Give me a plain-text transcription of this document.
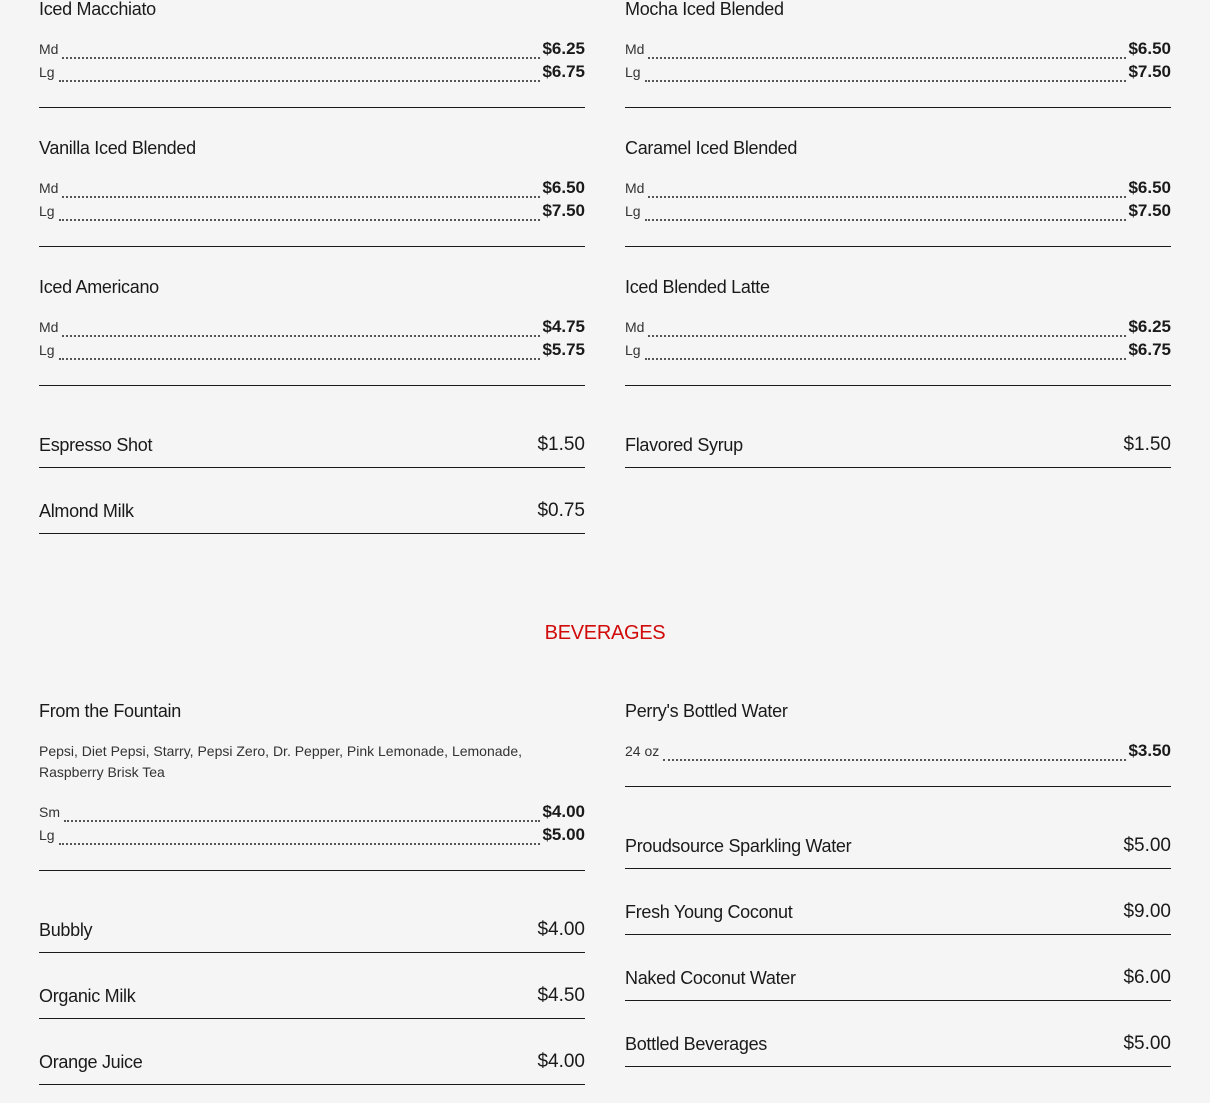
Iced Macchiato
Md	$6.25
Lg	$6.75
Vanilla Iced Blended
Md	$6.50
Lg	$7.50
Iced Americano
Md	$4.75
Lg	$5.75
Espresso Shot	$1.50
Almond Milk	$0.75
Mocha Iced Blended
Md	$6.50
Lg	$7.50
Caramel Iced Blended
Md	$6.50
Lg	$7.50
Iced Blended Latte
Md	$6.25
Lg	$6.75
Flavored Syrup	$1.50
BEVERAGES
From the Fountain
Pepsi, Diet Pepsi, Starry, Pepsi Zero, Dr. Pepper, Pink Lemonade, Lemonade, Raspberry Brisk Tea
Sm	$4.00
Lg	$5.00
Bubbly	$4.00
Organic Milk	$4.50
Orange Juice	$4.00
Perry's Bottled Water
24 oz	$3.50
Proudsource Sparkling Water	$5.00
Fresh Young Coconut	$9.00
Naked Coconut Water	$6.00
Bottled Beverages	$5.00
